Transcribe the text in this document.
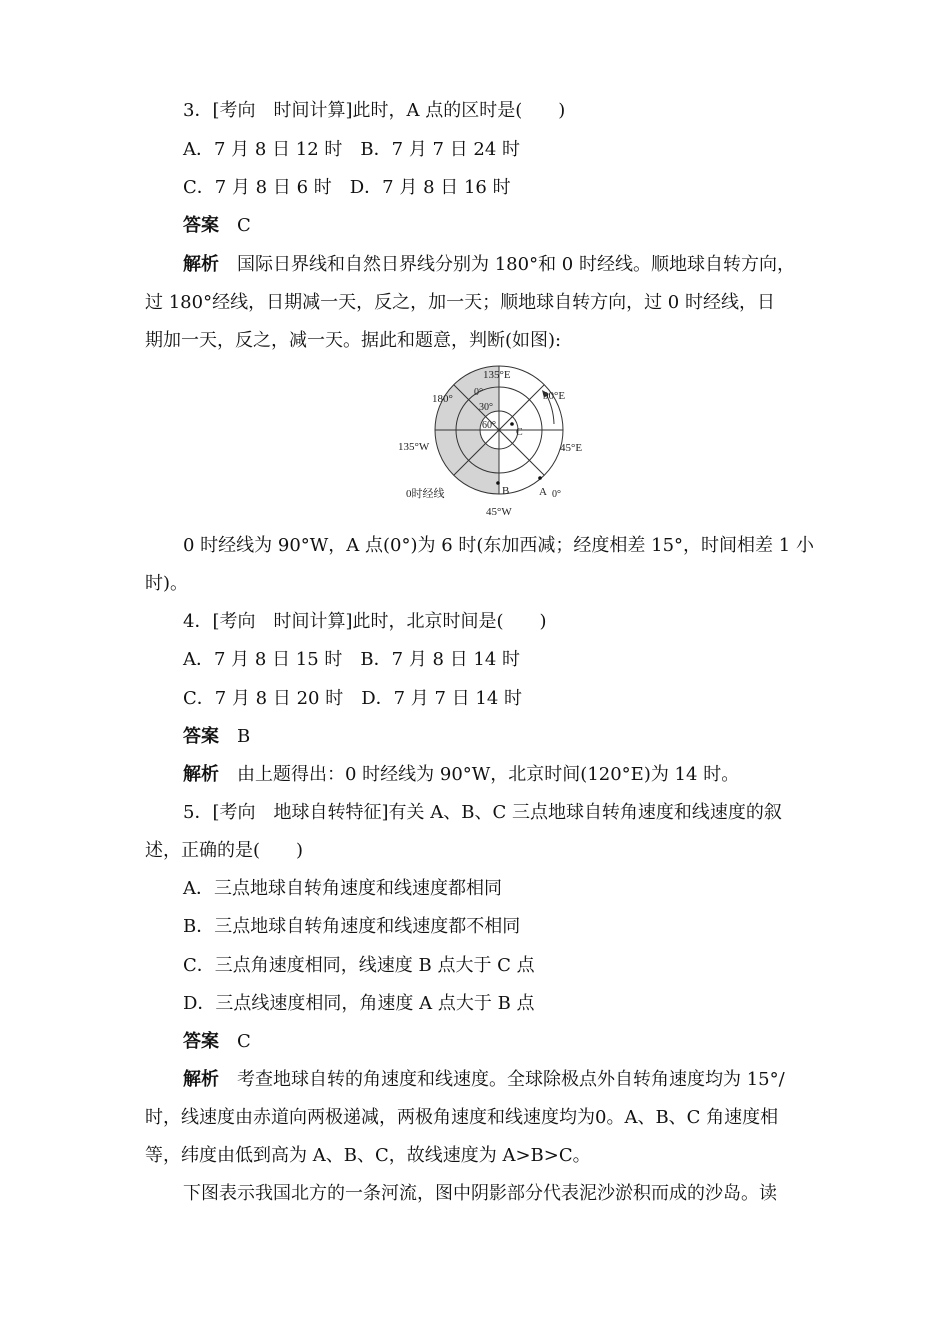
3．[考向　时间计算]此时，A 点的区时是(　　)
A．7 月 8 日 12 时　B．7 月 7 日 24 时
C．7 月 8 日 6 时　D．7 月 8 日 16 时
答案　 C
解析　 国际日界线和自然日界线分别为 180°和 0 时经线。顺地球自转方向，
过 180°经线，日期减一天，反之，加一天；顺地球自转方向，过 0 时经线，日
期加一天，反之，减一天。据此和题意，判断(如图):
135°E
0°
180°	90°E
30°
60°
C
135°W	45°E
0时经线	B	A 0°
45°W
0 时经线为 90°W，A 点(0°)为 6 时(东加西减；经度相差 15°，时间相差 1 小
时)。
4．[考向　时间计算]此时，北京时间是(　　)
A．7 月 8 日 15 时　B．7 月 8 日 14 时
C．7 月 8 日 20 时　D．7 月 7 日 14 时
答案　 B
解析　 由上题得出：0 时经线为 90°W，北京时间(120°E)为 14 时。
5．[考向　地球自转特征]有关 A、B、C 三点地球自转角速度和线速度的叙
述，正确的是(　　)
A．三点地球自转角速度和线速度都相同
B．三点地球自转角速度和线速度都不相同
C．三点角速度相同，线速度 B 点大于 C 点
D．三点线速度相同，角速度 A 点大于 B 点
答案　 C
解析　 考查地球自转的角速度和线速度。全球除极点外自转角速度均为 15°/
时，线速度由赤道向两极递减，两极角速度和线速度均为0。A、B、C 角速度相
等，纬度由低到高为 A、B、C，故线速度为 A>B>C。
下图表示我国北方的一条河流，图中阴影部分代表泥沙淤积而成的沙岛。读
